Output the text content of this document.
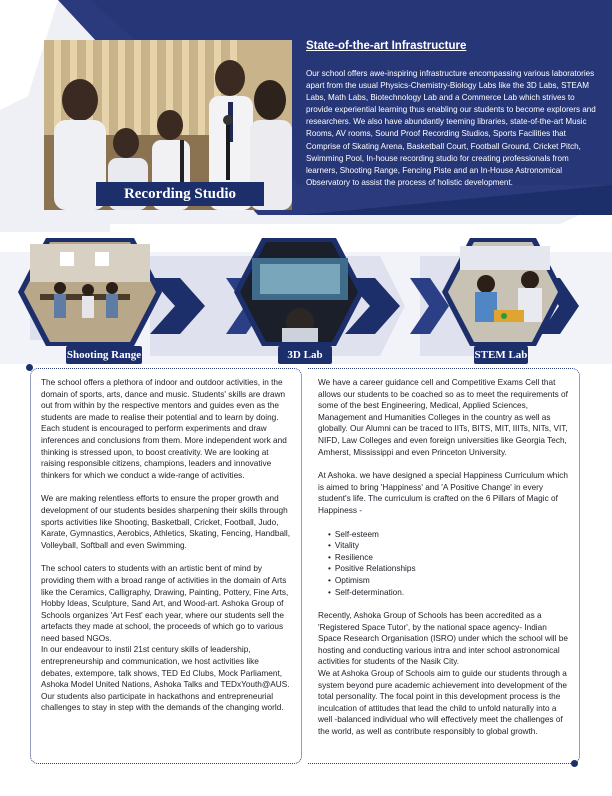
Recording Studio
State-of-the-art Infrastructure

Our school offers awe-inspiring infrastructure encompassing various laboratories apart from the usual Physics-Chemistry-Biology Labs like the 3D Labs, STEAM Labs, Math Labs, Biotechnology Lab and a Commerce Lab which strives to provide experiential learning thus enabling our students to become explorers and researchers. We also have abundantly teeming libraries, state-of-the-art Music Rooms, AV rooms, Sound Proof Recording Studios, Sports Facilities that Comprise of Skating Arena, Basketball Court, Football Ground, Cricket Pitch, Swimming Pool, In-house recording studio for creating professionals from learners, Shooting Range, Fencing Piste and an In-House Astronomical Observatory to assist the process of holistic development.

Shooting Range	3D Lab	STEM Lab

The school offers a plethora of indoor and outdoor activities, in the domain of sports, arts, dance and music. Students' skills are drawn out from within by the respective mentors and guides even as the students are made to realise their potential and to learn by doing. Each student is encouraged to perform experiments and draw inferences and conclusions from them. More independent work and thinking is stressed upon, to boost creativity. We are looking at raising responsible citizens, champions, leaders and innovative thinkers for which we conduct a wide-range of activities.

We are making relentless efforts to ensure the proper growth and development of our students besides sharpening their skills through sports activities like Shooting, Basketball, Cricket, Football, Judo, Karate, Gymnastics, Aerobics, Athletics, Skating, Fencing, Handball, Volleyball, Softball and even Swimming.

The school caters to students with an artistic bent of mind by providing them with a broad range of activities in the domain of Arts like the Ceramics, Calligraphy, Drawing, Painting, Pottery, Fine Arts, Hobby Ideas, Sculpture, Sand Art, and Wood-art. Ashoka Group of Schools organizes 'Art Fest' each year, where our students sell the artefacts they made at school, the proceeds of which go to various need based NGOs.

In our endeavour to instil 21st century skills of leadership, entrepreneurship and communication, we host activities like debates, extempore, talk shows, TED Ed Clubs, Mock Parliament, Ashoka Model United Nations, Ashoka Talks and TEDxYouth@AUS.

Our students also participate in hackathons and entrepreneurial challenges to stay in step with the demands of the changing world.

We have a career guidance cell and Competitive Exams Cell that allows our students to be coached so as to meet the requirements of some of the best Engineering, Medical, Applied Sciences, Management and Humanities Colleges in the country as well as globally. Our Alumni can be traced to IITs, BITS, MIT, IIITs, NITs, VIT, NIFD, Law Colleges and even foreign universities like Georgia Tech, Amherst, Mississippi and even Princeton University.

At Ashoka. we have designed a special Happiness Curriculum which is aimed to bring 'Happiness' and 'A Positive Change' in every student's life. The curriculum is crafted on the 6 Pillars of Magic of Happiness -

• Self-esteem
• Vitality
• Resilience
• Positive Relationships
• Optimism
• Self-determination.

Recently, Ashoka Group of Schools has been accredited as a 'Registered Space Tutor', by the national space agency- Indian Space Research Organisation (ISRO) under which the school will be hosting and conducting various intra and inter school astronomical activities for students of the Nasik City.

We at Ashoka Group of Schools aim to guide our students through a system beyond pure academic achievement into development of the total personality. The focal point in this development process is the inculcation of attitudes that lead the child to unfold naturally into a well -balanced individual who will effectively meet the challenges of the world, as well as contribute responsibly to global growth.
